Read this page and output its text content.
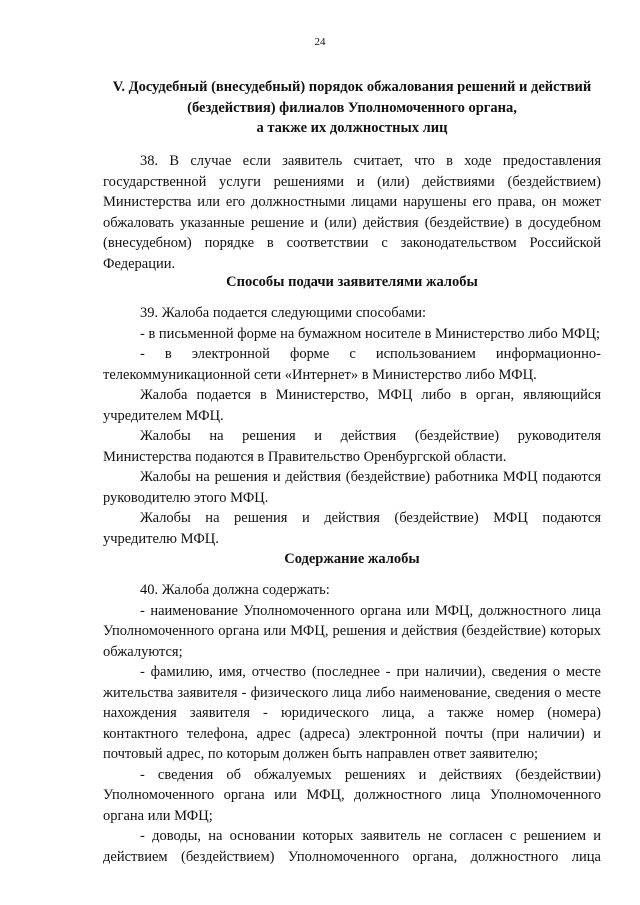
24
V. Досудебный (внесудебный) порядок обжалования решений и действий
(бездействия) филиалов Уполномоченного органа,
а также их должностных лиц

38. В случае если заявитель считает, что в ходе предоставления государственной услуги решениями и (или) действиями (бездействием) Министерства или его должностными лицами нарушены его права, он может обжаловать указанные решение и (или) действия (бездействие) в досудебном (внесудебном) порядке в соответствии с законодательством Российской Федерации.

Способы подачи заявителями жалобы

39. Жалоба подается следующими способами:

- в письменной форме на бумажном носителе в Министерство либо МФЦ;

- в электронной форме с использованием информационно-телекоммуникационной сети «Интернет» в Министерство либо МФЦ.

Жалоба подается в Министерство, МФЦ либо в орган, являющийся учредителем МФЦ.

Жалобы на решения и действия (бездействие) руководителя Министерства подаются в Правительство Оренбургской области.

Жалобы на решения и действия (бездействие) работника МФЦ подаются руководителю этого МФЦ.

Жалобы на решения и действия (бездействие) МФЦ подаются учредителю МФЦ.

Содержание жалобы

40. Жалоба должна содержать:

- наименование Уполномоченного органа или МФЦ, должностного лица Уполномоченного органа или МФЦ, решения и действия (бездействие) которых обжалуются;

- фамилию, имя, отчество (последнее - при наличии), сведения о месте жительства заявителя - физического лица либо наименование, сведения о месте нахождения заявителя - юридического лица, а также номер (номера) контактного телефона, адрес (адреса) электронной почты (при наличии) и почтовый адрес, по которым должен быть направлен ответ заявителю;

- сведения об обжалуемых решениях и действиях (бездействии) Уполномоченного органа или МФЦ, должностного лица Уполномоченного органа или МФЦ;

- доводы, на основании которых заявитель не согласен с решением и действием (бездействием) Уполномоченного органа, должностного лица
